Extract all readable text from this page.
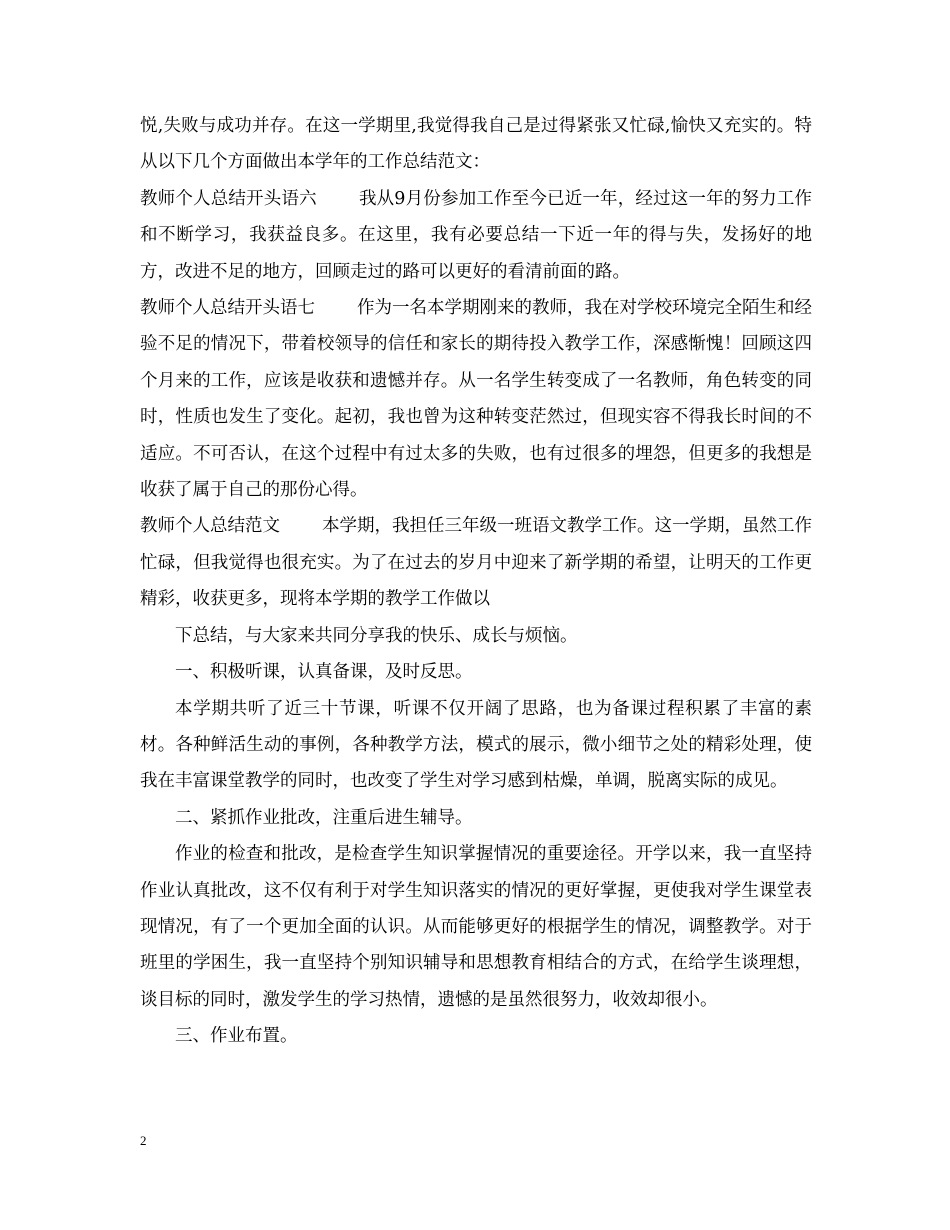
悦,失败与成功并存。在这一学期里,我觉得我自己是过得紧张又忙碌,愉快又充实的。特从以下几个方面做出本学年的工作总结范文：

教师个人总结开头语六 我从9月份参加工作至今已近一年，经过这一年的努力工作和不断学习，我获益良多。在这里，我有必要总结一下近一年的得与失，发扬好的地方，改进不足的地方，回顾走过的路可以更好的看清前面的路。

教师个人总结开头语七 作为一名本学期刚来的教师，我在对学校环境完全陌生和经验不足的情况下，带着校领导的信任和家长的期待投入教学工作，深感惭愧！回顾这四个月来的工作，应该是收获和遗憾并存。从一名学生转变成了一名教师，角色转变的同时，性质也发生了变化。起初，我也曾为这种转变茫然过，但现实容不得我长时间的不适应。不可否认，在这个过程中有过太多的失败，也有过很多的埋怨，但更多的我想是收获了属于自己的那份心得。

教师个人总结范文 本学期，我担任三年级一班语文教学工作。这一学期，虽然工作忙碌，但我觉得也很充实。为了在过去的岁月中迎来了新学期的希望，让明天的工作更精彩，收获更多，现将本学期的教学工作做以

下总结，与大家来共同分享我的快乐、成长与烦恼。

一、积极听课，认真备课，及时反思。

本学期共听了近三十节课，听课不仅开阔了思路，也为备课过程积累了丰富的素材。各种鲜活生动的事例，各种教学方法，模式的展示，微小细节之处的精彩处理，使我在丰富课堂教学的同时，也改变了学生对学习感到枯燥，单调，脱离实际的成见。

二、紧抓作业批改，注重后进生辅导。

作业的检查和批改，是检查学生知识掌握情况的重要途径。开学以来，我一直坚持作业认真批改，这不仅有利于对学生知识落实的情况的更好掌握，更使我对学生课堂表现情况，有了一个更加全面的认识。从而能够更好的根据学生的情况，调整教学。对于班里的学困生，我一直坚持个别知识辅导和思想教育相结合的方式，在给学生谈理想，谈目标的同时，激发学生的学习热情，遗憾的是虽然很努力，收效却很小。

三、作业布置。

2
